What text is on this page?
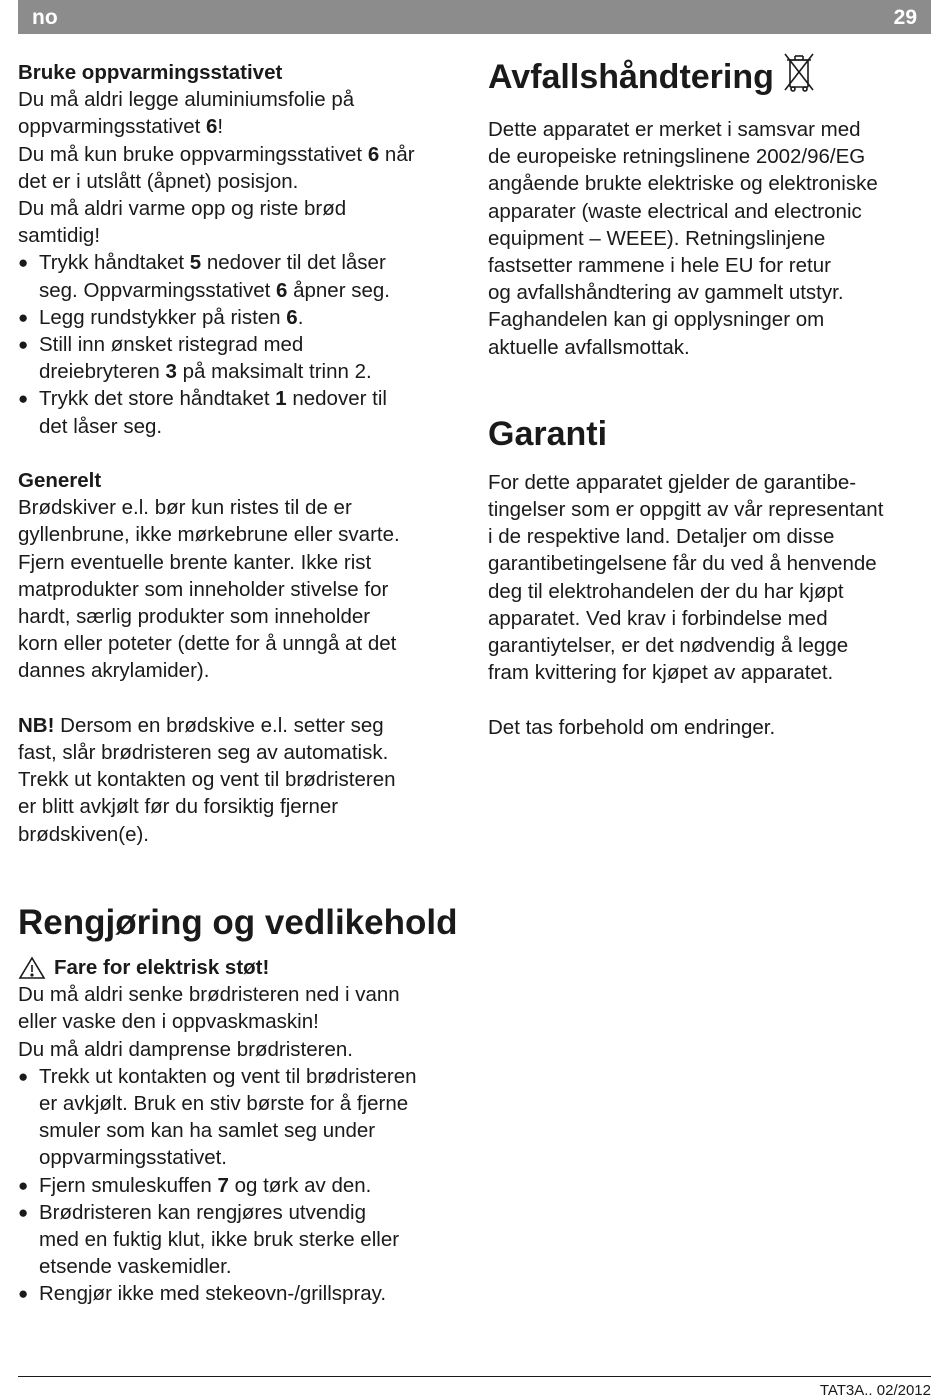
no	29

Bruke oppvarmingsstativet

Du må aldri legge aluminiumsfolie på

oppvarmingsstativet 6!

Du må kun bruke oppvarmingsstativet 6 når

det er i utslått (åpnet) posisjon.

Du må aldri varme opp og riste brød

samtidig!

● Trykk håndtaket 5 nedover til det låser
seg. Oppvarmingsstativet 6 åpner seg.
● Legg rundstykker på risten 6.
● Still inn ønsket ristegrad med
dreiebryteren 3 på maksimalt trinn 2.
● Trykk det store håndtaket 1 nedover til
det låser seg.

Generelt

Brødskiver e.l. bør kun ristes til de er

gyllenbrune, ikke mørkebrune eller svarte.

Fjern eventuelle brente kanter. Ikke rist

matprodukter som inneholder stivelse for

hardt, særlig produkter som inneholder

korn eller poteter (dette for å unngå at det

dannes akrylamider).

NB! Dersom en brødskive e.l. setter seg

fast, slår brødristeren seg av automatisk.

Trekk ut kontakten og vent til brødristeren

er blitt avkjølt før du forsiktig fjerner

brødskiven(e).

Avfallshåndtering

Dette apparatet er merket i samsvar med

de europeiske retningslinene 2002/96/EG

angående brukte elektriske og elektroniske

apparater (waste electrical and electronic

equipment – WEEE). Retningslinjene

fastsetter rammene i hele EU for retur

og avfallshåndtering av gammelt utstyr.

Faghandelen kan gi opplysninger om

aktuelle avfallsmottak.

Garanti

For dette apparatet gjelder de garantibe-

tingelser som er oppgitt av vår representant

i de respektive land. Detaljer om disse

garantibetingelsene får du ved å henvende

deg til elektrohandelen der du har kjøpt

apparatet. Ved krav i forbindelse med

garantiytelser, er det nødvendig å legge

fram kvittering for kjøpet av apparatet.

Det tas forbehold om endringer.

Rengjøring og vedlikehold
Fare for elektrisk støt!

Du må aldri senke brødristeren ned i vann

eller vaske den i oppvaskmaskin!

Du må aldri damprense brødristeren.

● Trekk ut kontakten og vent til brødristeren
er avkjølt. Bruk en stiv børste for å fjerne
smuler som kan ha samlet seg under
oppvarmingsstativet.
● Fjern smuleskuffen 7 og tørk av den.
● Brødristeren kan rengjøres utvendig
med en fuktig klut, ikke bruk sterke eller
etsende vaskemidler.
● Rengjør ikke med stekeovn-/grillspray.
TAT3A.. 02/2012
